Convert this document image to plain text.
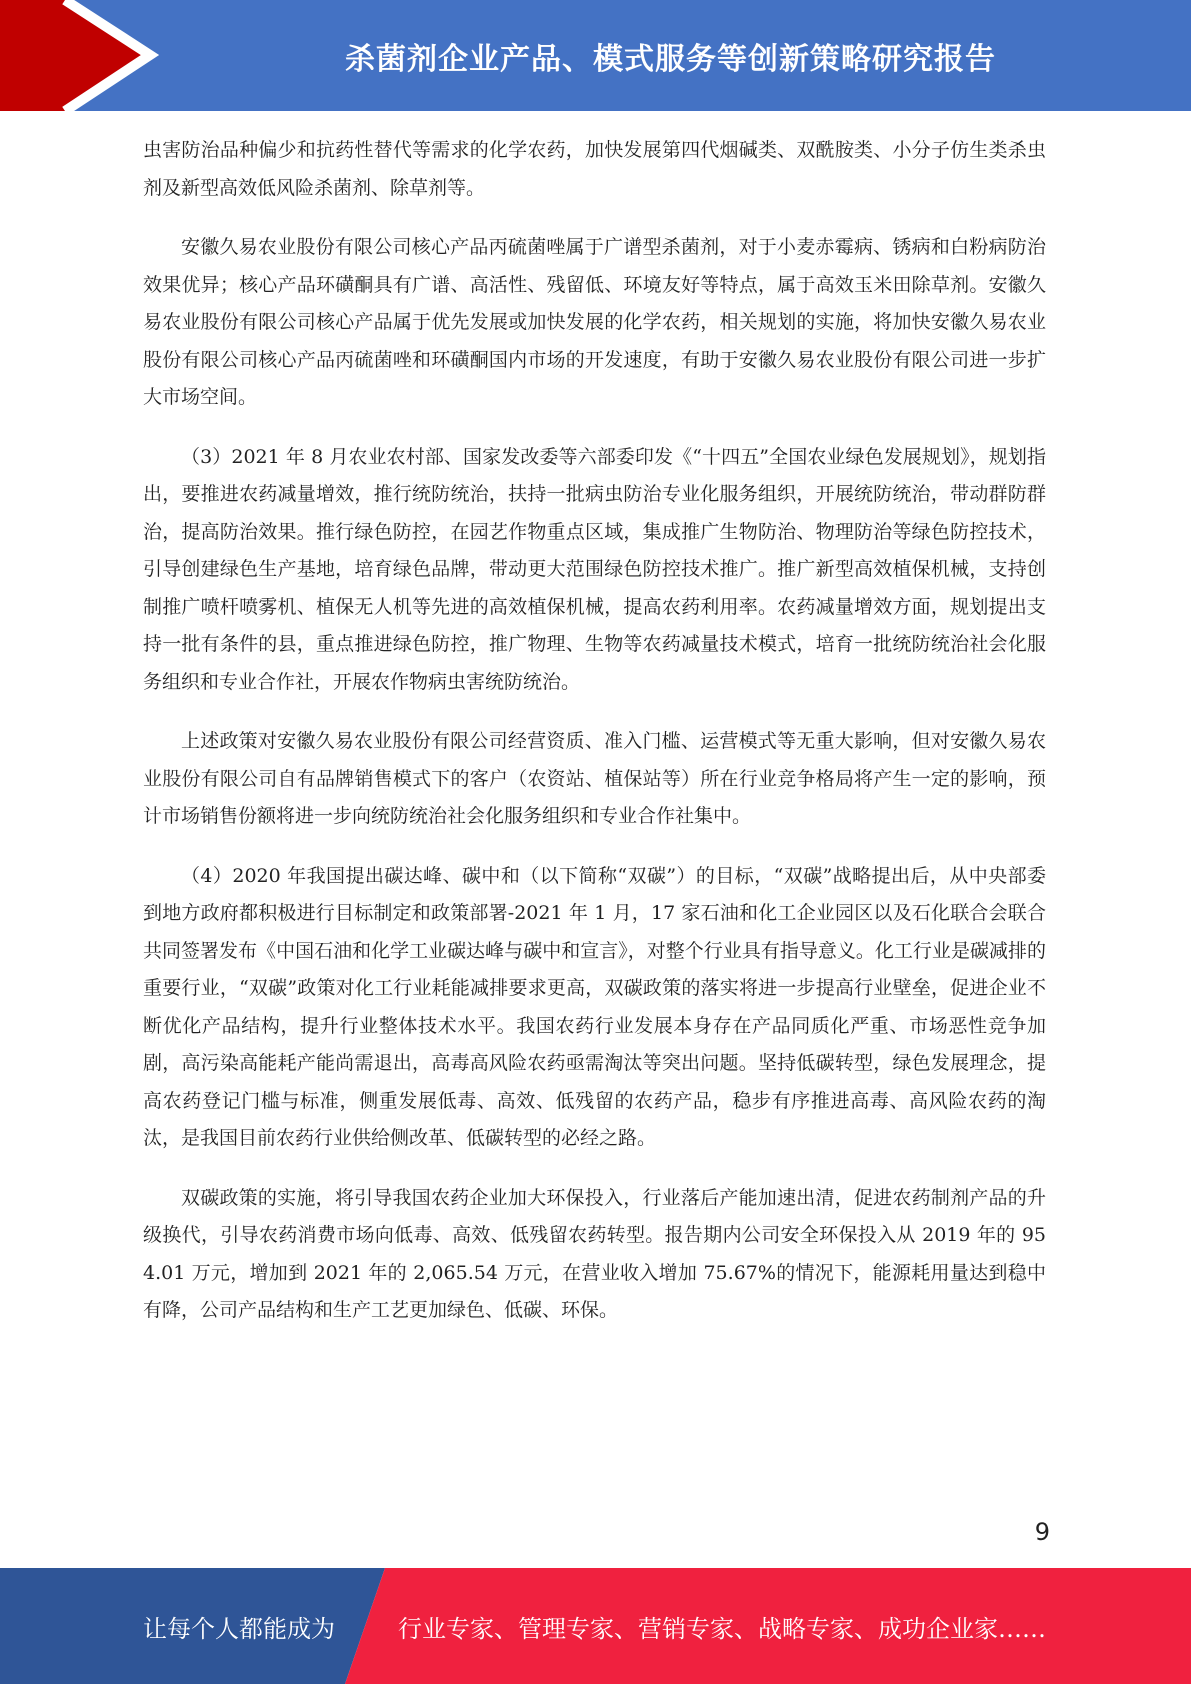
杀菌剂企业产品、模式服务等创新策略研究报告

虫害防治品种偏少和抗药性替代等需求的化学农药，加快发展第四代烟碱类、双酰胺类、小分子仿生类杀虫剂及新型高效低风险杀菌剂、除草剂等。

安徽久易农业股份有限公司核心产品丙硫菌唑属于广谱型杀菌剂，对于小麦赤霉病、锈病和白粉病防治效果优异；核心产品环磺酮具有广谱、高活性、残留低、环境友好等特点，属于高效玉米田除草剂。安徽久易农业股份有限公司核心产品属于优先发展或加快发展的化学农药，相关规划的实施，将加快安徽久易农业股份有限公司核心产品丙硫菌唑和环磺酮国内市场的开发速度，有助于安徽久易农业股份有限公司进一步扩大市场空间。

（3）2021 年 8 月农业农村部、国家发改委等六部委印发《“十四五”全国农业绿色发展规划》，规划指出，要推进农药减量增效，推行统防统治，扶持一批病虫防治专业化服务组织，开展统防统治，带动群防群治，提高防治效果。推行绿色防控，在园艺作物重点区域，集成推广生物防治、物理防治等绿色防控技术，引导创建绿色生产基地，培育绿色品牌，带动更大范围绿色防控技术推广。推广新型高效植保机械，支持创制推广喷杆喷雾机、植保无人机等先进的高效植保机械，提高农药利用率。农药减量增效方面，规划提出支持一批有条件的县，重点推进绿色防控，推广物理、生物等农药减量技术模式，培育一批统防统治社会化服务组织和专业合作社，开展农作物病虫害统防统治。

上述政策对安徽久易农业股份有限公司经营资质、准入门槛、运营模式等无重大影响，但对安徽久易农业股份有限公司自有品牌销售模式下的客户（农资站、植保站等）所在行业竞争格局将产生一定的影响，预计市场销售份额将进一步向统防统治社会化服务组织和专业合作社集中。

（4）2020 年我国提出碳达峰、碳中和（以下简称“双碳”）的目标，“双碳”战略提出后，从中央部委到地方政府都积极进行目标制定和政策部署-2021 年 1 月，17 家石油和化工企业园区以及石化联合会联合共同签署发布《中国石油和化学工业碳达峰与碳中和宣言》，对整个行业具有指导意义。化工行业是碳减排的重要行业，“双碳”政策对化工行业耗能减排要求更高，双碳政策的落实将进一步提高行业壁垒，促进企业不断优化产品结构，提升行业整体技术水平。我国农药行业发展本身存在产品同质化严重、市场恶性竞争加剧，高污染高能耗产能尚需退出，高毒高风险农药亟需淘汰等突出问题。坚持低碳转型，绿色发展理念，提高农药登记门槛与标准，侧重发展低毒、高效、低残留的农药产品，稳步有序推进高毒、高风险农药的淘汰，是我国目前农药行业供给侧改革、低碳转型的必经之路。

双碳政策的实施，将引导我国农药企业加大环保投入，行业落后产能加速出清，促进农药制剂产品的升级换代，引导农药消费市场向低毒、高效、低残留农药转型。报告期内公司安全环保投入从 2019 年的 954.01 万元，增加到 2021 年的 2,065.54 万元，在营业收入增加 75.67%的情况下，能源耗用量达到稳中有降，公司产品结构和生产工艺更加绿色、低碳、环保。

9
让每个人都能成为	行业专家、管理专家、营销专家、战略专家、成功企业家……
